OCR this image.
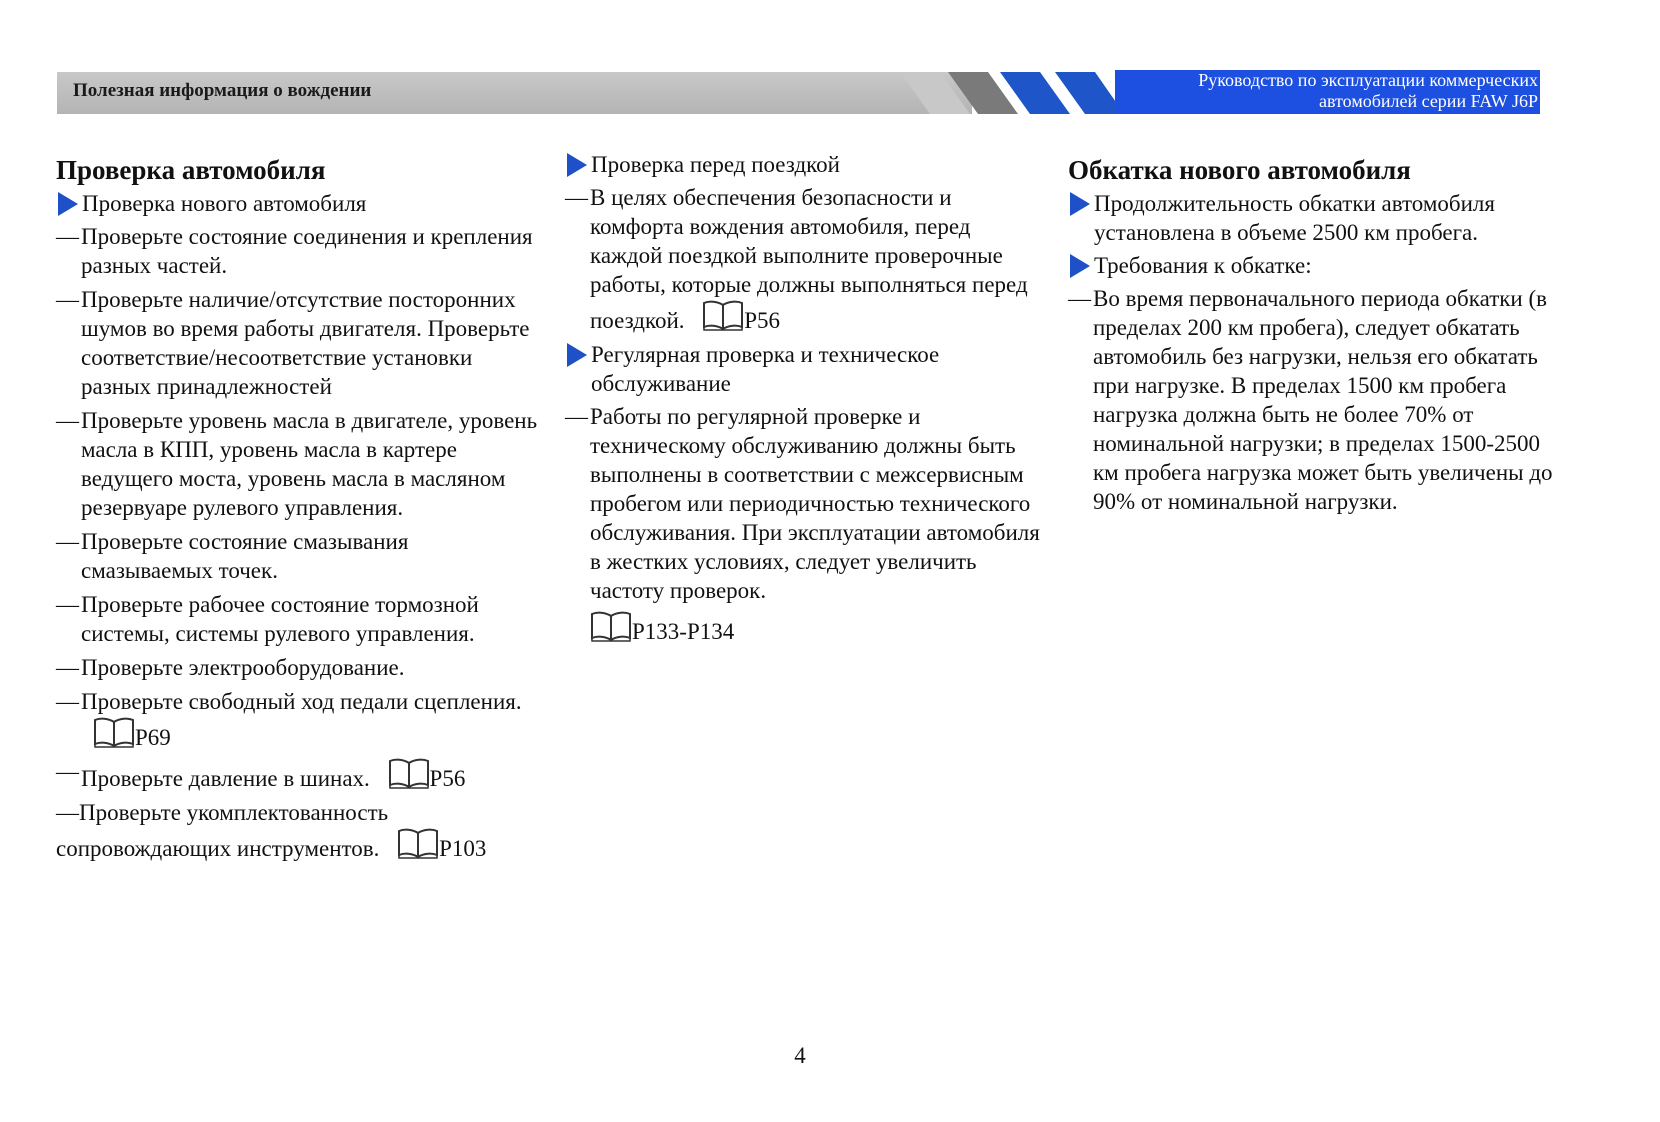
Полезная информация о вождении	Руководство по эксплуатации коммерческих
автомобилей серии FAW J6P
Проверка автомобиля
Проверка нового автомобиля
— Проверьте состояние соединения и крепления разных частей.
— Проверьте наличие/отсутствие посторонних шумов во время работы двигателя. Проверьте соответствие/несоответствие установки разных принадлежностей
— Проверьте уровень масла в двигателе, уровень масла в КПП, уровень масла в картере ведущего моста, уровень масла в масляном резервуаре рулевого управления.
— Проверьте состояние смазывания смазываемых точек.
— Проверьте рабочее состояние тормозной системы, системы рулевого управления.
— Проверьте электрооборудование.
— Проверьте свободный ход педали сцепления. P69
— Проверьте давление в шинах.	P56
—Проверьте укомплектованность сопровождающих инструментов.	P103
Проверка перед поездкой
— В целях обеспечения безопасности и комфорта вождения автомобиля, перед каждой поездкой выполните проверочные работы, которые должны выполняться перед поездкой.	P56
Регулярная проверка и техническое обслуживание
— Работы по регулярной проверке и техническому обслуживанию должны быть выполнены в соответствии с межсервисным пробегом или периодичностью технического обслуживания. При эксплуатации автомобиля в жестких условиях, следует увеличить частоту проверок.
P133-P134
Обкатка нового автомобиля
Продолжительность обкатки автомобиля установлена в объеме 2500 км пробега.
Требования к обкатке:
— Во время первоначального периода обкатки (в пределах 200 км пробега), следует обкатать автомобиль без нагрузки, нельзя его обкатать при нагрузке. В пределах 1500 км пробега нагрузка должна быть не более 70% от номинальной нагрузки; в пределах 1500-2500 км пробега нагрузка может быть увеличены до 90% от номинальной нагрузки.
4
